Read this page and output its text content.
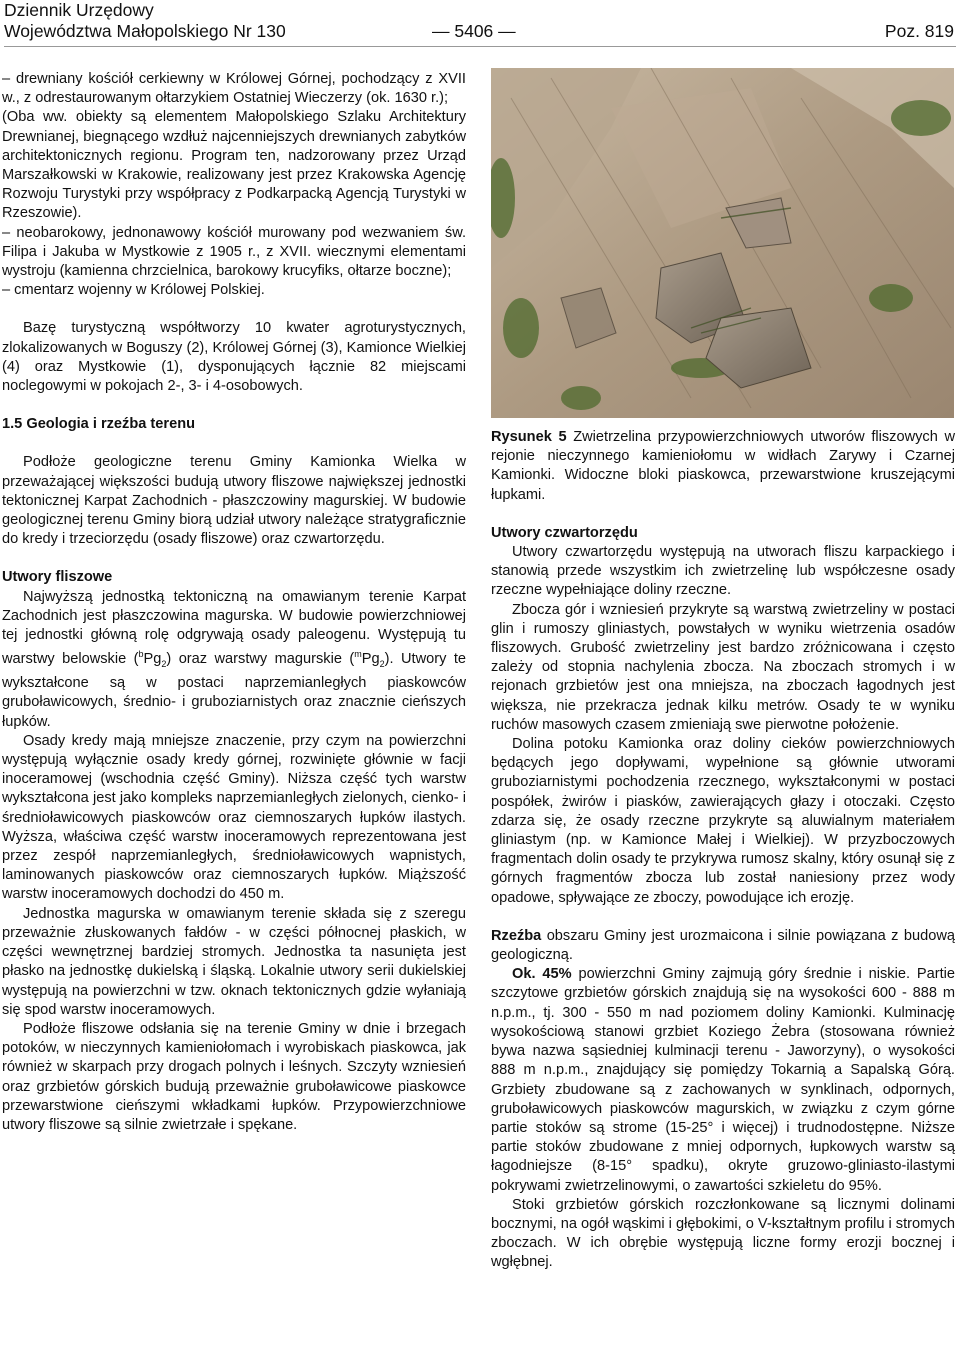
Dziennik Urzędowy
Województwa Małopolskiego Nr 130	— 5406 —	Poz. 819

– drewniany kościół cerkiewny w Królowej Górnej, pochodzący z XVII w., z odrestaurowanym ołtarzykiem Ostatniej Wieczerzy (ok. 1630 r.);

(Oba ww. obiekty są elementem Małopolskiego Szlaku Architektury Drewnianej, biegnącego wzdłuż najcenniejszych drewnianych zabytków architektonicznych regionu. Program ten, nadzorowany przez Urząd Marszałkowski w Krakowie, realizowany jest przez Krakowska Agencję Rozwoju Turystyki przy współpracy z Podkarpacką Agencją Turystyki w Rzeszowie).

– neobarokowy, jednonawowy kościół murowany pod wezwaniem św. Filipa i Jakuba w Mystkowie z 1905 r., z XVII. wiecznymi elementami wystroju (kamienna chrzcielnica, barokowy krucyfiks, ołtarze boczne);

– cmentarz wojenny w Królowej Polskiej.

Bazę turystyczną współtworzy 10 kwater agroturystycznych, zlokalizowanych w Boguszy (2), Królowej Górnej (3), Kamionce Wielkiej (4) oraz Mystkowie (1), dysponujących łącznie 82 miejscami noclegowymi w pokojach 2-, 3- i 4-osobowych.

1.5 Geologia i rzeźba terenu

Podłoże geologiczne terenu Gminy Kamionka Wielka w przeważającej większości budują utwory fliszowe największej jednostki tektonicznej Karpat Zachodnich - płaszczowiny magurskiej. W budowie geologicznej terenu Gminy biorą udział utwory należące stratygraficznie do kredy i trzeciorzędu (osady fliszowe) oraz czwartorzędu.

Utwory fliszowe

Najwyższą jednostką tektoniczną na omawianym terenie Karpat Zachodnich jest płaszczowina magurska. W budowie powierzchniowej tej jednostki główną rolę odgrywają osady paleogenu. Występują tu warstwy belowskie $(^bPg_2)$ oraz warstwy magurskie $(^mPg_2)$. Utwory te wykształcone są w postaci naprzemianległych piaskowców gruboławicowych, średnio- i gruboziarnistych oraz znacznie cieńszych łupków.

Osady kredy mają mniejsze znaczenie, przy czym na powierzchni występują wyłącznie osady kredy górnej, rozwinięte głównie w facji inoceramowej (wschodnia część Gminy). Niższa część tych warstw wykształcona jest jako kompleks naprzemianległych zielonych, cienko- i średnioławicowych piaskowców oraz ciemnoszarych łupków ilastych. Wyższa, właściwa część warstw inoceramowych reprezentowana jest przez zespół naprzemianległych, średnioławicowych wapnistych, laminowanych piaskowców oraz ciemnoszarych łupków. Miąższość warstw inoceramowych dochodzi do 450 m.

Jednostka magurska w omawianym terenie składa się z szeregu przeważnie złuskowanych fałdów - w części północnej płaskich, w części wewnętrznej bardziej stromych. Jednostka ta nasunięta jest płasko na jednostkę dukielską i śląską. Lokalnie utwory serii dukielskiej występują na powierzchni w tzw. oknach tektonicznych gdzie wyłaniają się spod warstw inoceramowych.

Podłoże fliszowe odsłania się na terenie Gminy w dnie i brzegach potoków, w nieczynnych kamieniołomach i wyrobiskach piaskowca, jak również w skarpach przy drogach polnych i leśnych. Szczyty wzniesień oraz grzbietów górskich budują przeważnie gruboławicowe piaskowce przewarstwione cieńszymi wkładkami łupków. Przypowierzchniowe utwory fliszowe są silnie zwietrzałe i spękane.

Rysunek 5 Zwietrzelina przypowierzchniowych utworów fliszowych w rejonie nieczynnego kamieniołomu w widłach Zarywy i Czarnej Kamionki. Widoczne bloki piaskowca, przewarstwione kruszejącymi łupkami.

Utwory czwartorzędu

Utwory czwartorzędu występują na utworach fliszu karpackiego i stanowią przede wszystkim ich zwietrzelinę lub współczesne osady rzeczne wypełniające doliny rzeczne.

Zbocza gór i wzniesień przykryte są warstwą zwietrzeliny w postaci glin i rumoszy gliniastych, powstałych w wyniku wietrzenia osadów fliszowych. Grubość zwietrzeliny jest bardzo zróżnicowana i często zależy od stopnia nachylenia zbocza. Na zboczach stromych i w rejonach grzbietów jest ona mniejsza, na zboczach łagodnych jest większa, nie przekracza jednak kilku metrów. Osady te w wyniku ruchów masowych czasem zmieniają swe pierwotne położenie.

Dolina potoku Kamionka oraz doliny cieków powierzchniowych będących jego dopływami, wypełnione są głównie utworami gruboziarnistymi pochodzenia rzecznego, wykształconymi w postaci pospółek, żwirów i piasków, zawierających głazy i otoczaki. Często zdarza się, że osady rzeczne przykryte są aluwialnym materiałem gliniastym (np. w Kamionce Małej i Wielkiej). W przyzboczowych fragmentach dolin osady te przykrywa rumosz skalny, który osunął się z górnych fragmentów zbocza lub został naniesiony przez wody opadowe, spływające ze zboczy, powodujące ich erozję.

Rzeźba obszaru Gminy jest urozmaicona i silnie powiązana z budową geologiczną.

Ok. 45% powierzchni Gminy zajmują góry średnie i niskie. Partie szczytowe grzbietów górskich znajdują się na wysokości 600 - 888 m n.p.m., tj. 300 - 550 m nad poziomem doliny Kamionki. Kulminację wysokościową stanowi grzbiet Koziego Żebra (stosowana również bywa nazwa sąsiedniej kulminacji terenu - Jaworzyny), o wysokości 888 m n.p.m., znajdujący się pomiędzy Tokarnią a Sapalską Górą. Grzbiety zbudowane są z zachowanych w synklinach, odpornych, gruboławicowych piaskowców magurskich, w związku z czym górne partie stoków są strome (15-25° i więcej) i trudnodostępne. Niższe partie stoków zbudowane z mniej odpornych, łupkowych warstw są łagodniejsze (8-15° spadku), okryte gruzowo-gliniasto-ilastymi pokrywami zwietrzelinowymi, o zawartości szkieletu do 95%.

Stoki grzbietów górskich rozczłonkowane są licznymi dolinami bocznymi, na ogół wąskimi i głębokimi, o V-kształtnym profilu i stromych zboczach. W ich obrębie występują liczne formy erozji bocznej i wgłębnej.
